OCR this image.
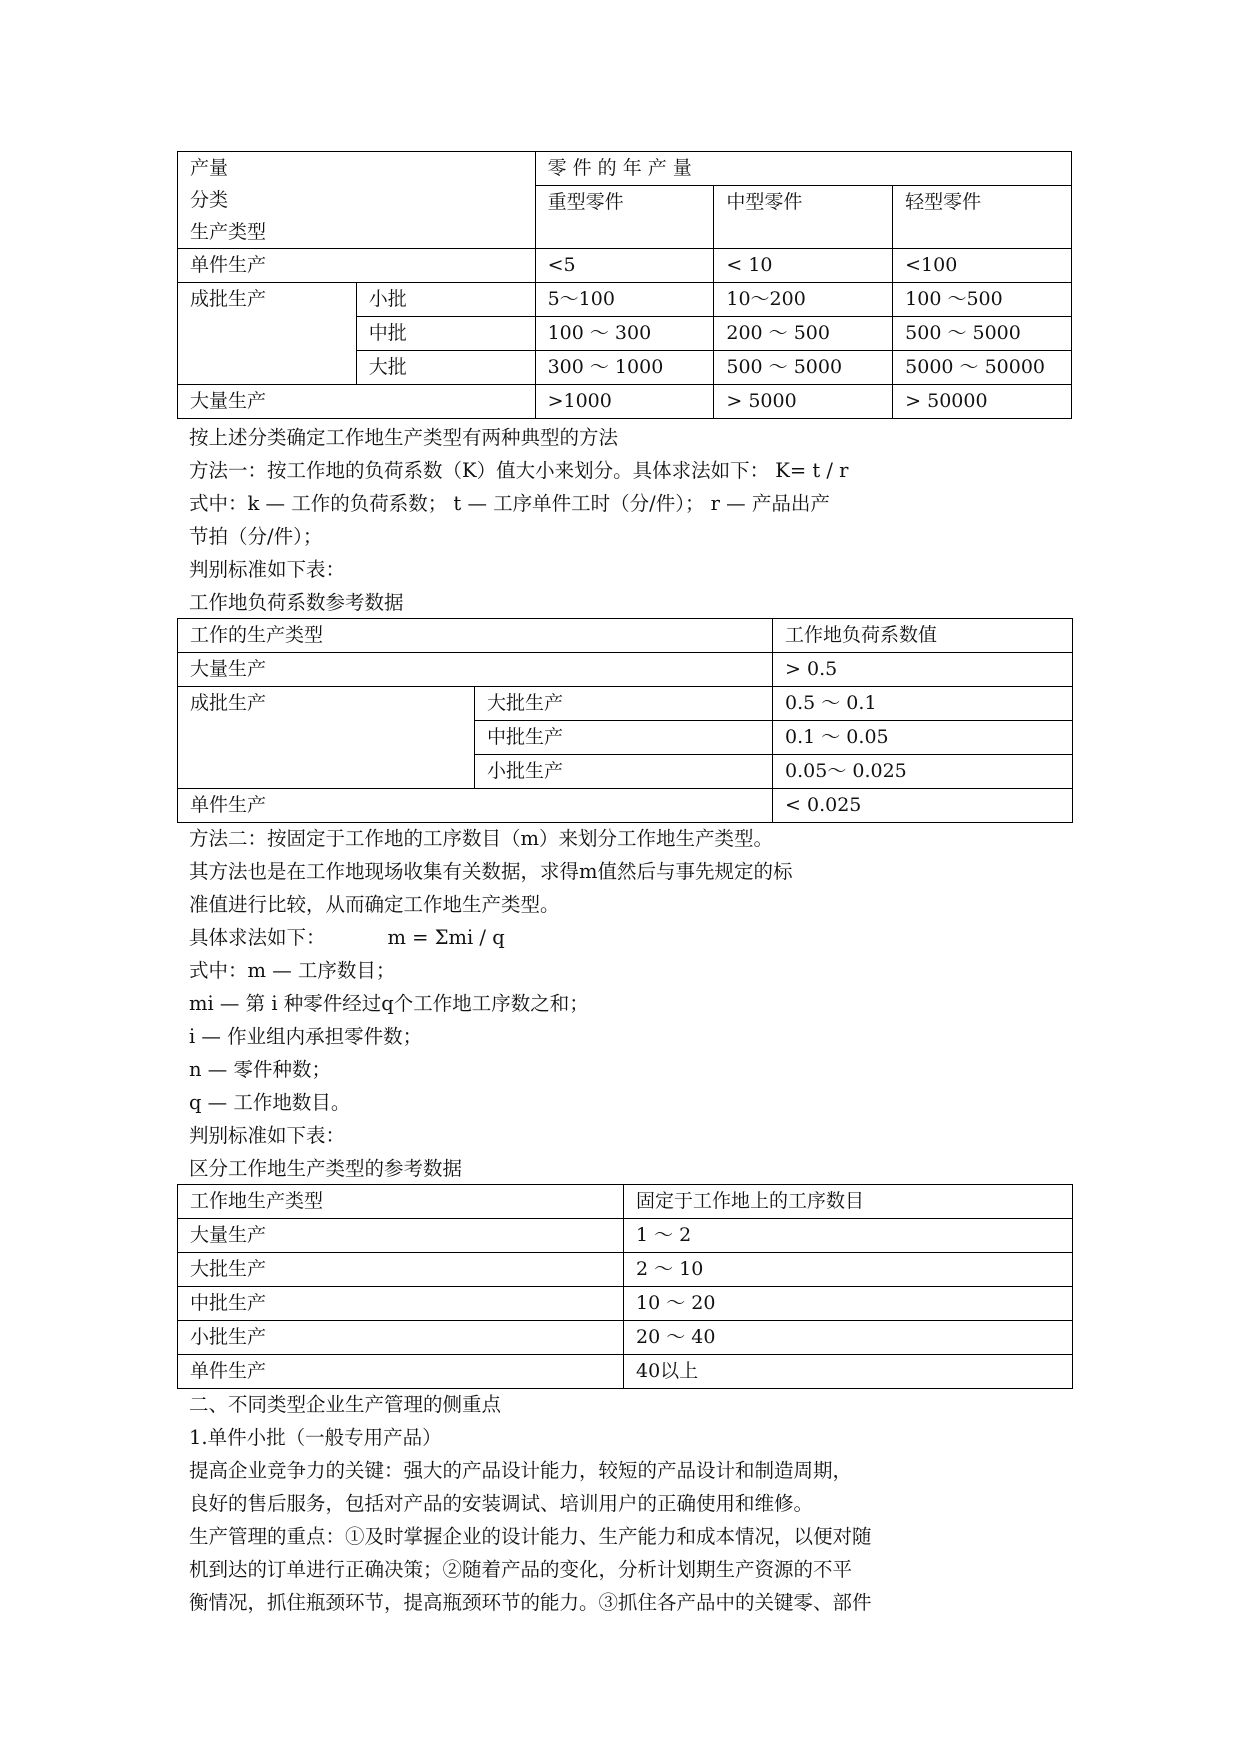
产量
分类
生产类型		零 件 的 年 产 量		
		重型零件	中型零件	轻型零件

单件生产		<5	< 10	<100
成批生产	小批	5～100	10～200	100 ～500
	中批	100 ～ 300	200 ～ 500	500 ～ 5000
	大批	300 ～ 1000	500 ～ 5000	5000 ～ 50000
大量生产		>1000	> 5000	> 50000

按上述分类确定工作地生产类型有两种典型的方法

方法一：按工作地的负荷系数（K）值大小来划分。具体求法如下： K= t / r

式中：k — 工作的负荷系数； t — 工序单件工时（分/件）； r — 产品出产

节拍（分/件）；

判别标准如下表：

工作地负荷系数参考数据

工作的生产类型		工作地负荷系数值
大量生产		> 0.5
成批生产	大批生产	0.5 ～ 0.1
	中批生产	0.1 ～ 0.05
	小批生产	0.05～ 0.025
单件生产		< 0.025

方法二：按固定于工作地的工序数目（m）来划分工作地生产类型。

其方法也是在工作地现场收集有关数据，求得m值然后与事先规定的标

准值进行比较，从而确定工作地生产类型。

具体求法如下：          m = Σmi / q

式中：m — 工序数目；

mi — 第 i 种零件经过q个工作地工序数之和；

i — 作业组内承担零件数；

n — 零件种数；

q — 工作地数目。

判别标准如下表：

区分工作地生产类型的参考数据

工作地生产类型	固定于工作地上的工序数目
大量生产	1 ～ 2
大批生产	2 ～ 10
中批生产	10 ～ 20
小批生产	20 ～ 40
单件生产	40以上

二、不同类型企业生产管理的侧重点

1.单件小批（一般专用产品）

提高企业竞争力的关键：强大的产品设计能力，较短的产品设计和制造周期，

良好的售后服务，包括对产品的安装调试、培训用户的正确使用和维修。

生产管理的重点：①及时掌握企业的设计能力、生产能力和成本情况，以便对随

机到达的订单进行正确决策；②随着产品的变化，分析计划期生产资源的不平

衡情况，抓住瓶颈环节，提高瓶颈环节的能力。③抓住各产品中的关键零、部件
